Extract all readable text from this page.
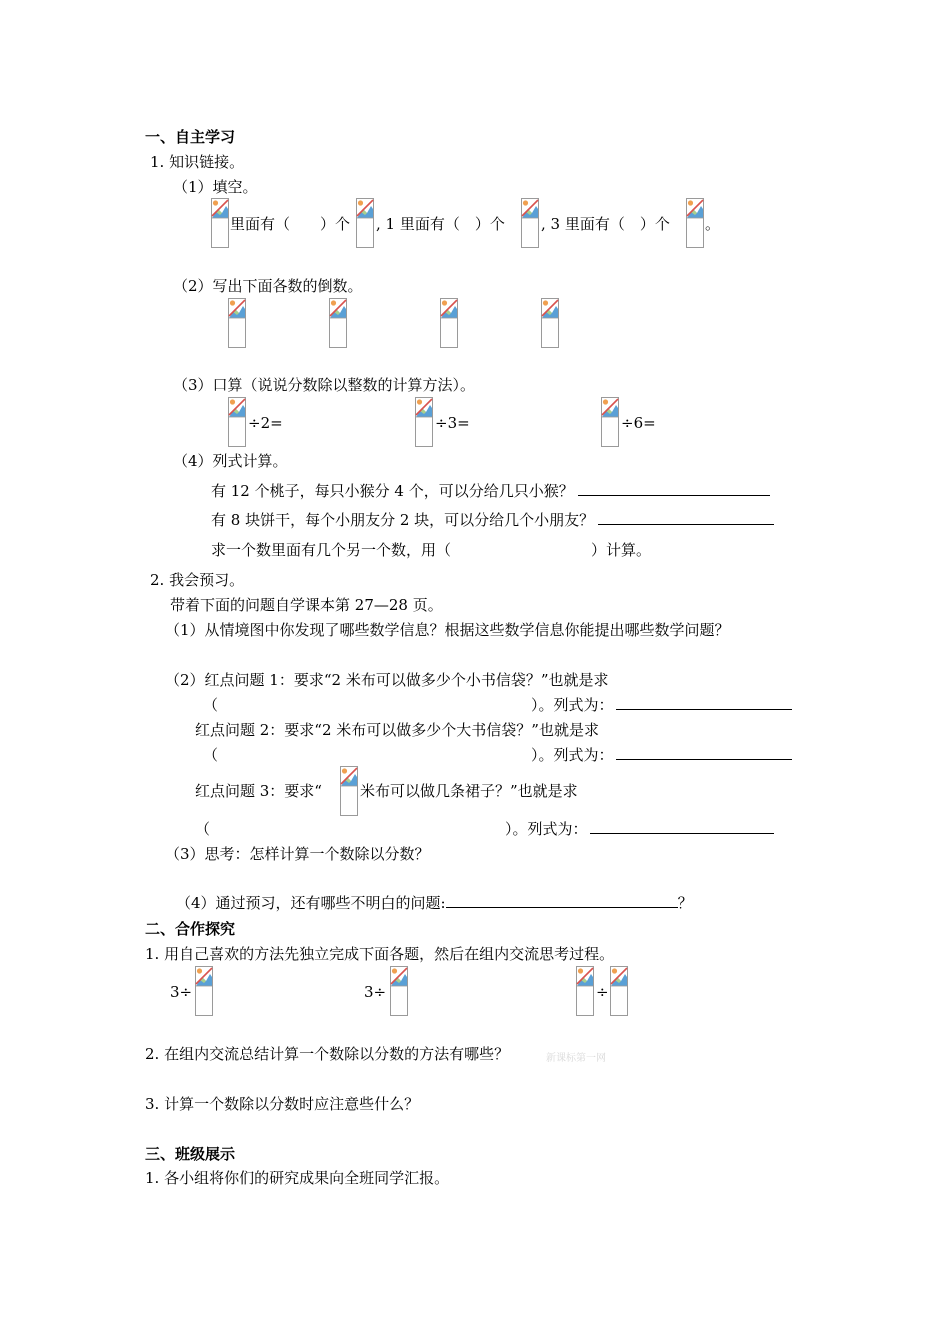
一、自主学习
1. 知识链接。
（1）填空。
里面有（　　）个 , 1 里面有（　）个 , 3 里面有（　）个 。
（2）写出下面各数的倒数。
（3）口算（说说分数除以整数的计算方法）。
÷2=	÷3=	÷6=
（4）列式计算。
有 12 个桃子，每只小猴分 4 个，可以分给几只小猴？
有 8 块饼干，每个小朋友分 2 块，可以分给几个小朋友？
求一个数里面有几个另一个数，用（	）计算。
2. 我会预习。
带着下面的问题自学课本第 27—28 页。
（1）从情境图中你发现了哪些数学信息？根据这些数学信息你能提出哪些数学问题？
（2）红点问题 1：要求“2 米布可以做多少个小书信袋？”也就是求
（	）。列式为：
红点问题 2：要求“2 米布可以做多少个大书信袋？”也就是求
（	）。列式为：
红点问题 3：要求“	米布可以做几条裙子？”也就是求
（	）。列式为：
（3）思考：怎样计算一个数除以分数？
（4）通过预习，还有哪些不明白的问题:	？
二、合作探究
1. 用自己喜欢的方法先独立完成下面各题，然后在组内交流思考过程。
3÷	3÷	÷
2. 在组内交流总结计算一个数除以分数的方法有哪些？	新课标第一网
3. 计算一个数除以分数时应注意些什么？
三、班级展示
1. 各小组将你们的研究成果向全班同学汇报。
